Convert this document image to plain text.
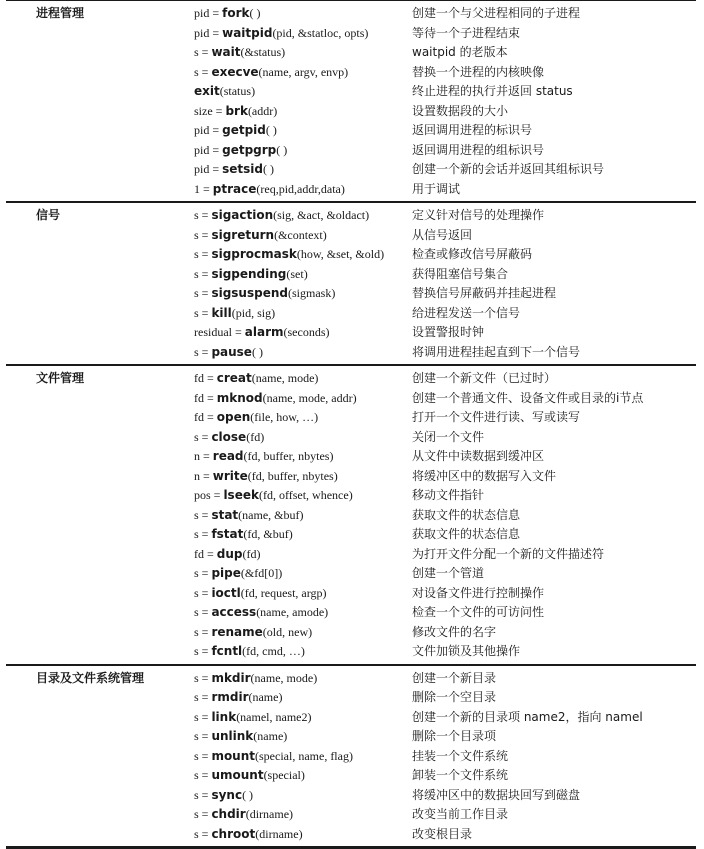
进程管理	pid = fork( )	创建一个与父进程相同的子进程
pid = waitpid(pid, &statloc, opts)	等待一个子进程结束
s = wait(&status)	waitpid 的老版本
s = execve(name, argv, envp)	替换一个进程的内核映像
exit(status)	终止进程的执行并返回 status
size = brk(addr)	设置数据段的大小
pid = getpid( )	返回调用进程的标识号
pid = getpgrp( )	返回调用进程的组标识号
pid = setsid( )	创建一个新的会话并返回其组标识号
1 = ptrace(req,pid,addr,data)	用于调试
信号	s = sigaction(sig, &act, &oldact)	定义针对信号的处理操作
s = sigreturn(&context)	从信号返回
s = sigprocmask(how, &set, &old) 检查或修改信号屏蔽码
s = sigpending(set)	获得阻塞信号集合
s = sigsuspend(sigmask)	替换信号屏蔽码并挂起进程
s = kill(pid, sig)	给进程发送一个信号
residual = alarm(seconds)	设置警报时钟
s = pause( )	将调用进程挂起直到下一个信号
文件管理	fd = creat(name, mode)	创建一个新文件（已过时）
fd = mknod(name, mode, addr)	创建一个普通文件、设备文件或目录的i节点
fd = open(file, how, …)	打开一个文件进行读、写或读写
s = close(fd)	关闭一个文件
n = read(fd, buffer, nbytes)	从文件中读数据到缓冲区
n = write(fd, buffer, nbytes)	将缓冲区中的数据写入文件
pos = lseek(fd, offset, whence)	移动文件指针
s = stat(name, &buf)	获取文件的状态信息
s = fstat(fd, &buf)	获取文件的状态信息
fd = dup(fd)	为打开文件分配一个新的文件描述符
s = pipe(&fd[0])	创建一个管道
s = ioctl(fd, request, argp)	对设备文件进行控制操作
s = access(name, amode)	检查一个文件的可访问性
s = rename(old, new)	修改文件的名字
s = fcntl(fd, cmd, …)	文件加锁及其他操作
目录及文件系统管理	s = mkdir(name, mode)	创建一个新目录
s = rmdir(name)	删除一个空目录
s = link(namel, name2)	创建一个新的目录项 name2，指向 namel
s = unlink(name)	删除一个目录项
s = mount(special, name, flag)	挂装一个文件系统
s = umount(special)	卸装一个文件系统
s = sync( )	将缓冲区中的数据块回写到磁盘
s = chdir(dirname)	改变当前工作目录
s = chroot(dirname)	改变根目录
